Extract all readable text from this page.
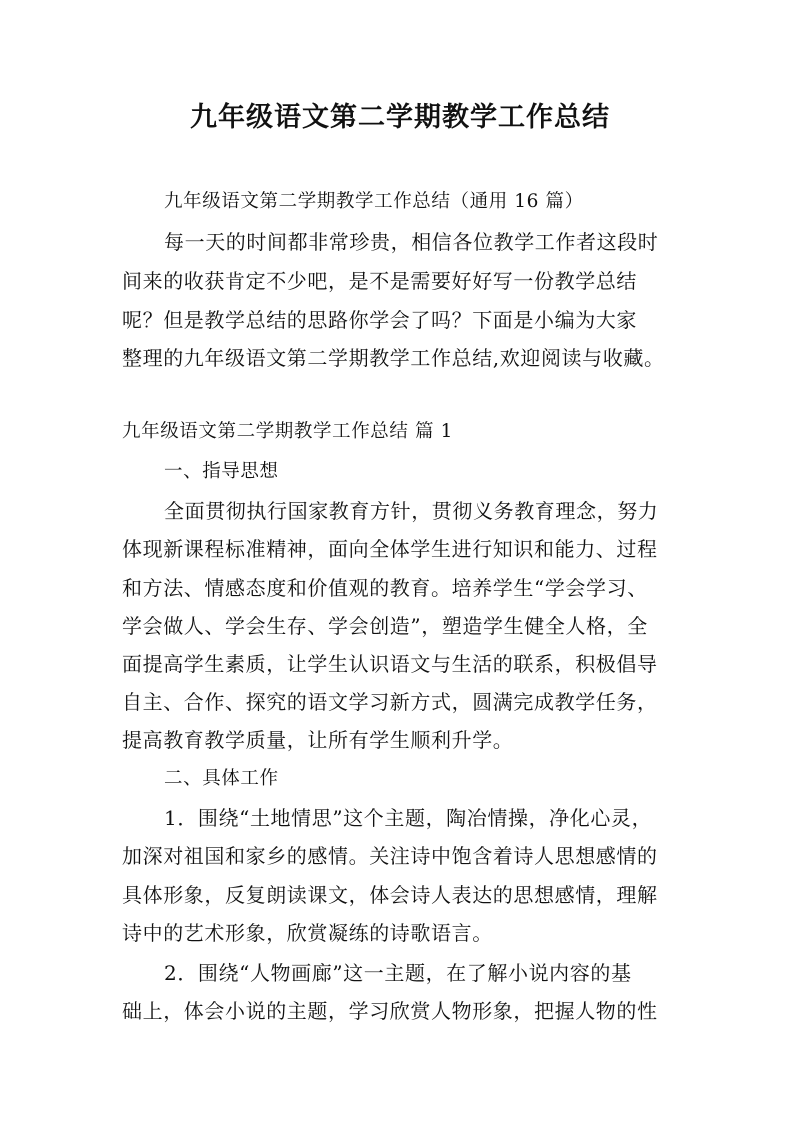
九年级语文第二学期教学工作总结

九年级语文第二学期教学工作总结（通用 16 篇）

每一天的时间都非常珍贵，相信各位教学工作者这段时

间来的收获肯定不少吧，是不是需要好好写一份教学总结

呢？但是教学总结的思路你学会了吗？下面是小编为大家

整理的九年级语文第二学期教学工作总结,欢迎阅读与收藏。

九年级语文第二学期教学工作总结 篇 1

一、指导思想

全面贯彻执行国家教育方针，贯彻义务教育理念，努力

体现新课程标准精神，面向全体学生进行知识和能力、过程

和方法、情感态度和价值观的教育。培养学生“学会学习、

学会做人、学会生存、学会创造”，塑造学生健全人格，全

面提高学生素质，让学生认识语文与生活的联系，积极倡导

自主、合作、探究的语文学习新方式，圆满完成教学任务，

提高教育教学质量，让所有学生顺利升学。

二、具体工作

1．围绕“土地情思”这个主题，陶冶情操，净化心灵，

加深对祖国和家乡的感情。关注诗中饱含着诗人思想感情的

具体形象，反复朗读课文，体会诗人表达的思想感情，理解

诗中的艺术形象，欣赏凝练的诗歌语言。

2．围绕“人物画廊”这一主题，在了解小说内容的基

础上，体会小说的主题，学习欣赏人物形象，把握人物的性
